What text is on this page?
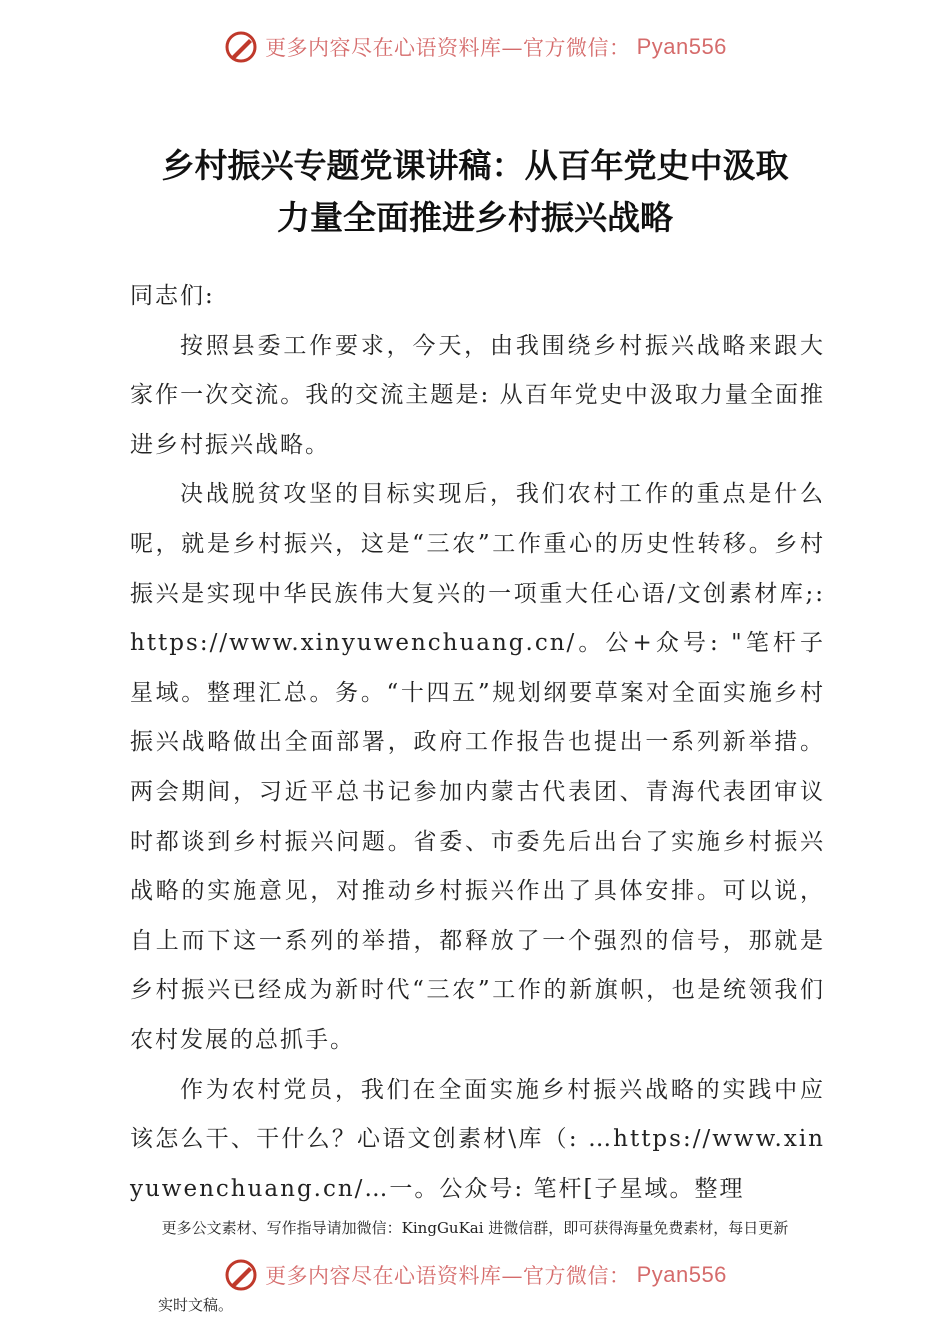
更多内容尽在心语资料库—官方微信： Pyan556
乡村振兴专题党课讲稿：从百年党史中汲取
力量全面推进乡村振兴战略

同志们:

按照县委工作要求，今天，由我围绕乡村振兴战略来跟大家作一次交流。我的交流主题是: 从百年党史中汲取力量全面推进乡村振兴战略。

决战脱贫攻坚的目标实现后，我们农村工作的重点是什么呢，就是乡村振兴，这是“三农”工作重心的历史性转移。乡村振兴是实现中华民族伟大复兴的一项重大任心语/文创素材库;: https://www.xinyuwenchuang.cn/。公+众号: "笔杆子星域。整理汇总。务。“十四五”规划纲要草案对全面实施乡村振兴战略做出全面部署，政府工作报告也提出一系列新举措。两会期间，习近平总书记参加内蒙古代表团、青海代表团审议时都谈到乡村振兴问题。省委、市委先后出台了实施乡村振兴战略的实施意见，对推动乡村振兴作出了具体安排。可以说，自上而下这一系列的举措，都释放了一个强烈的信号，那就是乡村振兴已经成为新时代“三农”工作的新旗帜，也是统领我们农村发展的总抓手。

作为农村党员，我们在全面实施乡村振兴战略的实践中应该怎么干、干什么？心语文创素材\库（: …https://www.xinyuwenchuang.cn/…一。公众号: 笔杆[子星域。整理

更多公文素材、写作指导请加微信：KingGuKai 进微信群，即可获得海量免费素材，每日更新
更多内容尽在心语资料库—官方微信： Pyan556
实时文稿。
